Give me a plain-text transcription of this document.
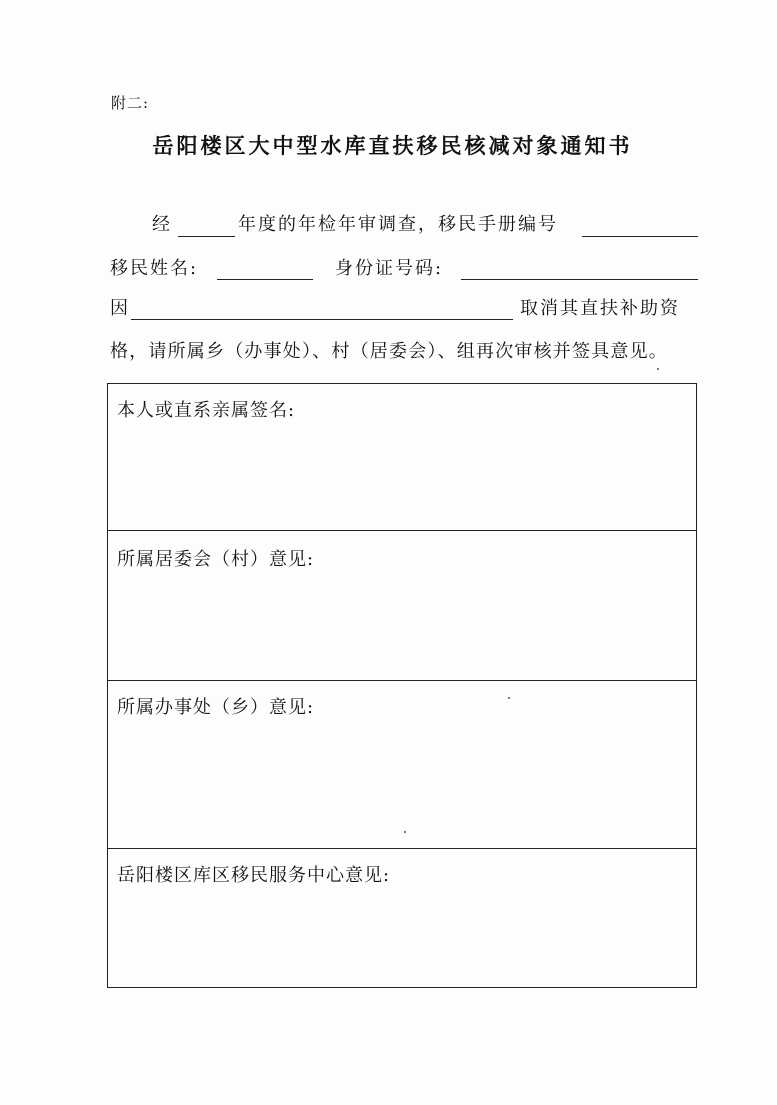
附二:
岳阳楼区大中型水库直扶移民核减对象通知书
经	年度的年检年审调查，移民手册编号
移民姓名:	身份证号码:
因	取消其直扶补助资
格，请所属乡（办事处）、村（居委会）、组再次审核并签具意见。
本人或直系亲属签名:
所属居委会（村）意见:
所属办事处（乡）意见:
岳阳楼区库区移民服务中心意见:
